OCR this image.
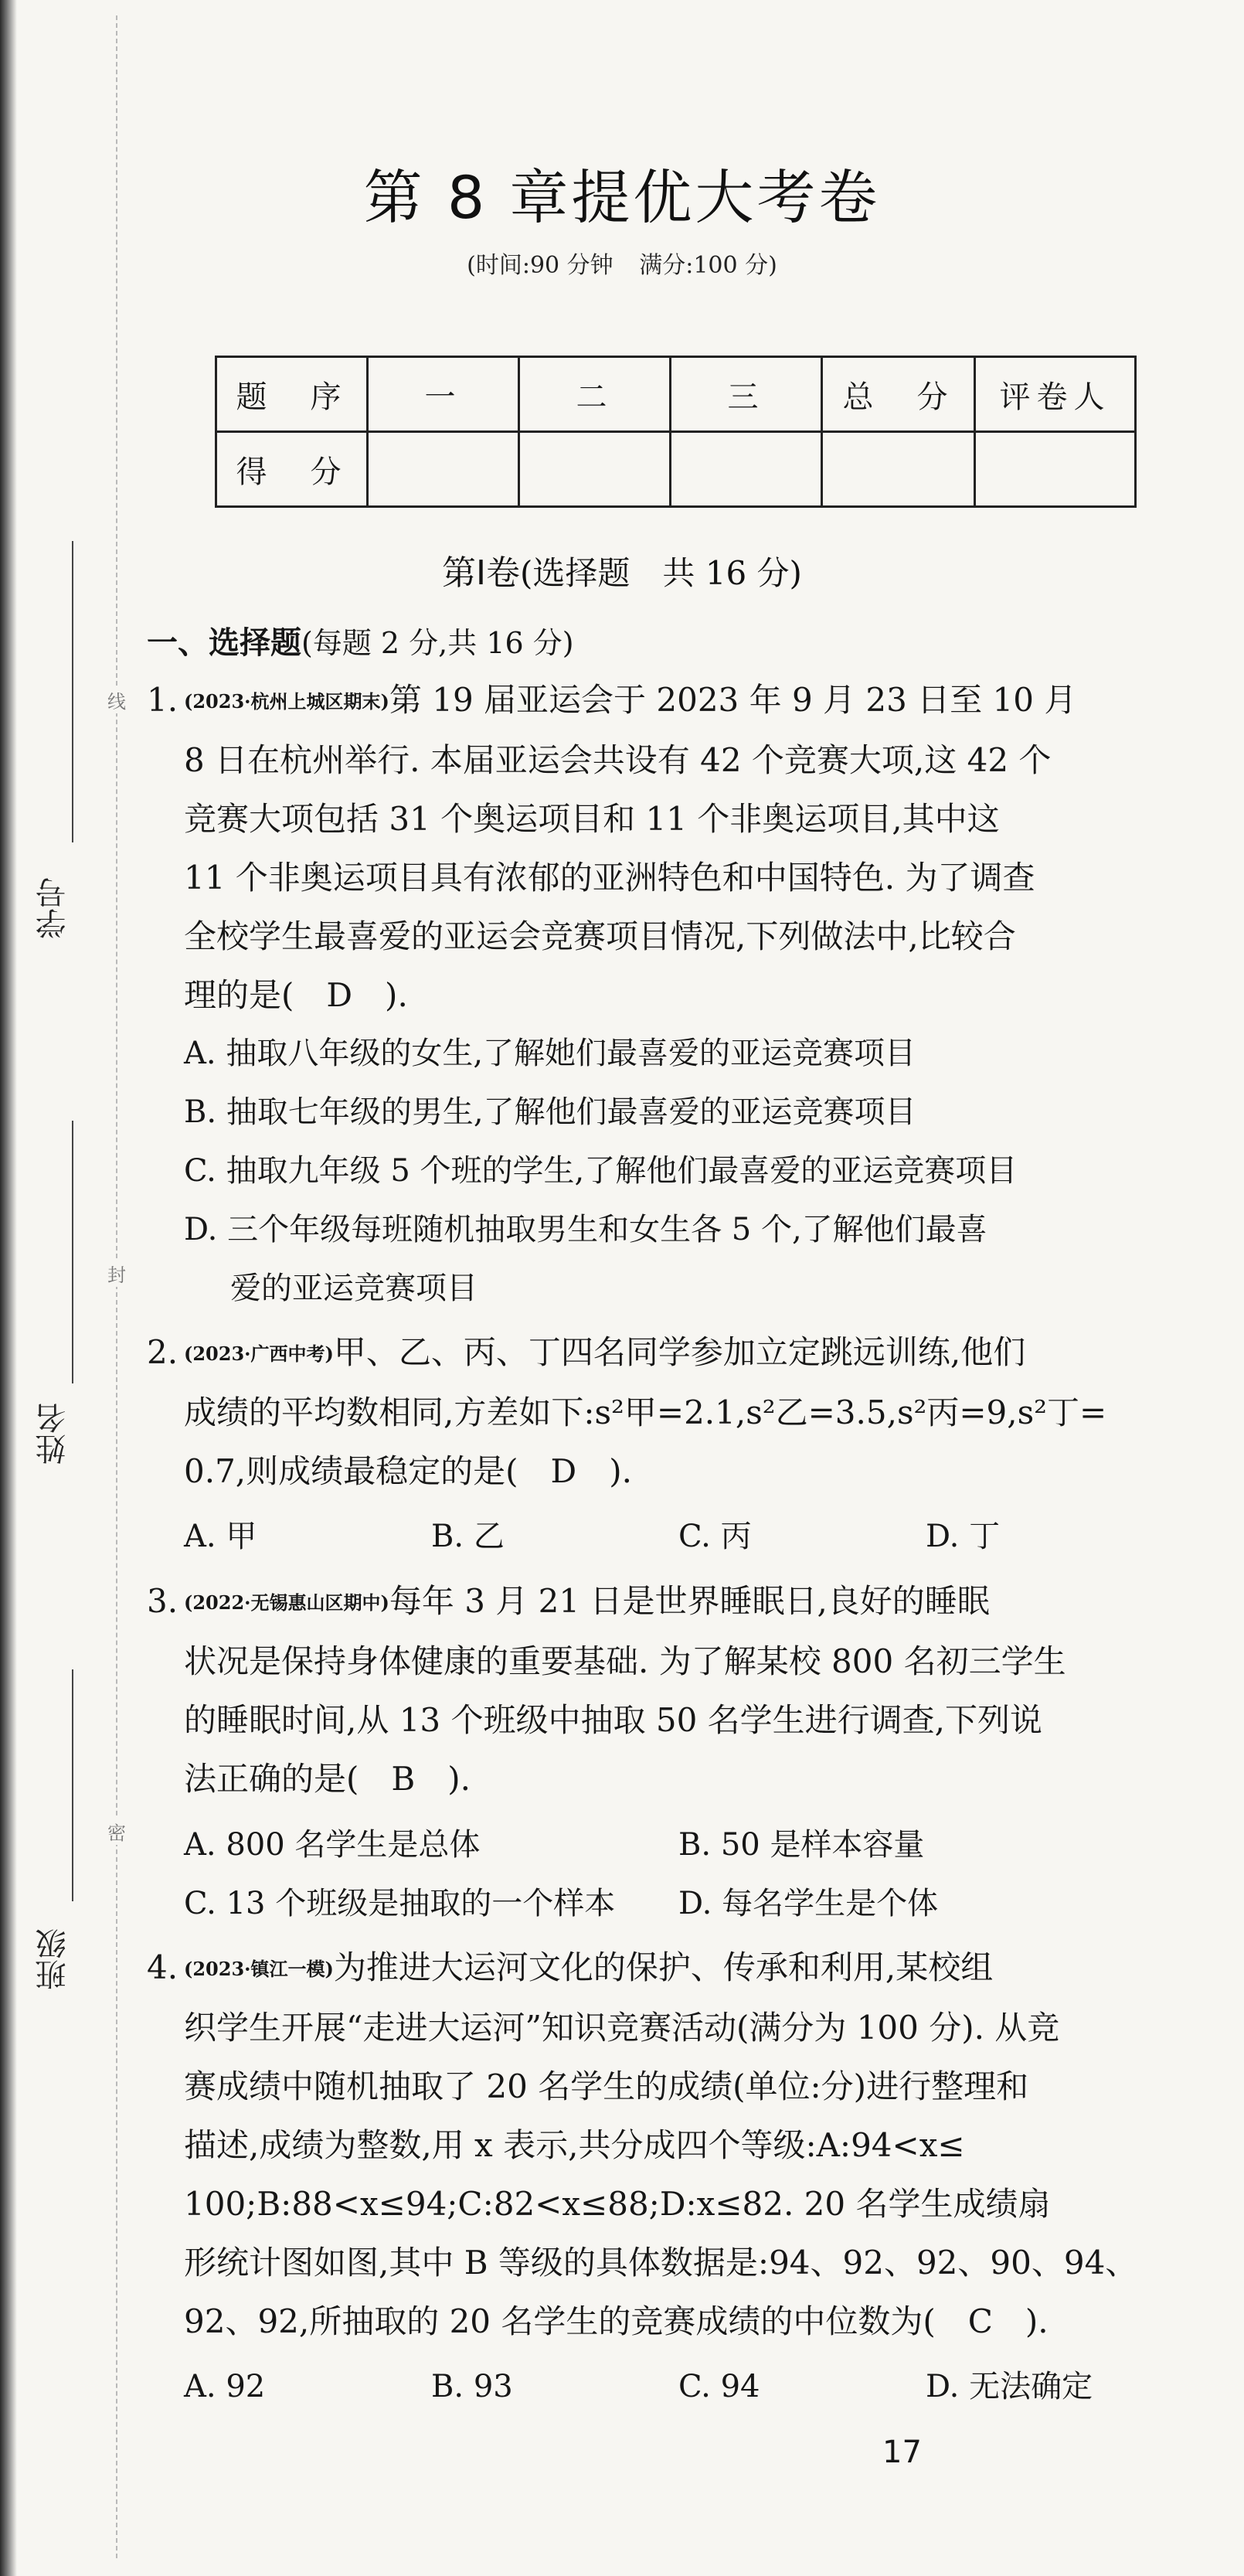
线
封
密
学号
姓名
班级
第 8 章提优大考卷
(时间:90 分钟 满分:100 分)
题　序	一	二	三	总　分	评卷人
得　分					
第Ⅰ卷(选择题　共 16 分)
一、选择题(每题 2 分,共 16 分)
1. (2023·杭州上城区期末)第 19 届亚运会于 2023 年 9 月 23 日至 10 月
8 日在杭州举行. 本届亚运会共设有 42 个竞赛大项,这 42 个
竞赛大项包括 31 个奥运项目和 11 个非奥运项目,其中这
11 个非奥运项目具有浓郁的亚洲特色和中国特色. 为了调查
全校学生最喜爱的亚运会竞赛项目情况,下列做法中,比较合
理的是(　D　).
A. 抽取八年级的女生,了解她们最喜爱的亚运竞赛项目
B. 抽取七年级的男生,了解他们最喜爱的亚运竞赛项目
C. 抽取九年级 5 个班的学生,了解他们最喜爱的亚运竞赛项目
D. 三个年级每班随机抽取男生和女生各 5 个,了解他们最喜
爱的亚运竞赛项目
2. (2023·广西中考)甲、乙、丙、丁四名同学参加立定跳远训练,他们
成绩的平均数相同,方差如下:s²甲=2.1,s²乙=3.5,s²丙=9,s²丁=
0.7,则成绩最稳定的是(　D　).
A. 甲	B. 乙	C. 丙	D. 丁
3. (2022·无锡惠山区期中)每年 3 月 21 日是世界睡眠日,良好的睡眠
状况是保持身体健康的重要基础. 为了解某校 800 名初三学生
的睡眠时间,从 13 个班级中抽取 50 名学生进行调查,下列说
法正确的是(　B　).
A. 800 名学生是总体	B. 50 是样本容量
C. 13 个班级是抽取的一个样本 D. 每名学生是个体
4. (2023·镇江一模)为推进大运河文化的保护、传承和利用,某校组
织学生开展“走进大运河”知识竞赛活动(满分为 100 分). 从竞
赛成绩中随机抽取了 20 名学生的成绩(单位:分)进行整理和
描述,成绩为整数,用 x 表示,共分成四个等级:A:94<x≤
100;B:88<x≤94;C:82<x≤88;D:x≤82. 20 名学生成绩扇
形统计图如图,其中 B 等级的具体数据是:94、92、92、90、94、
92、92,所抽取的 20 名学生的竞赛成绩的中位数为(　C　).
A. 92	B. 93	C. 94	D. 无法确定
17
